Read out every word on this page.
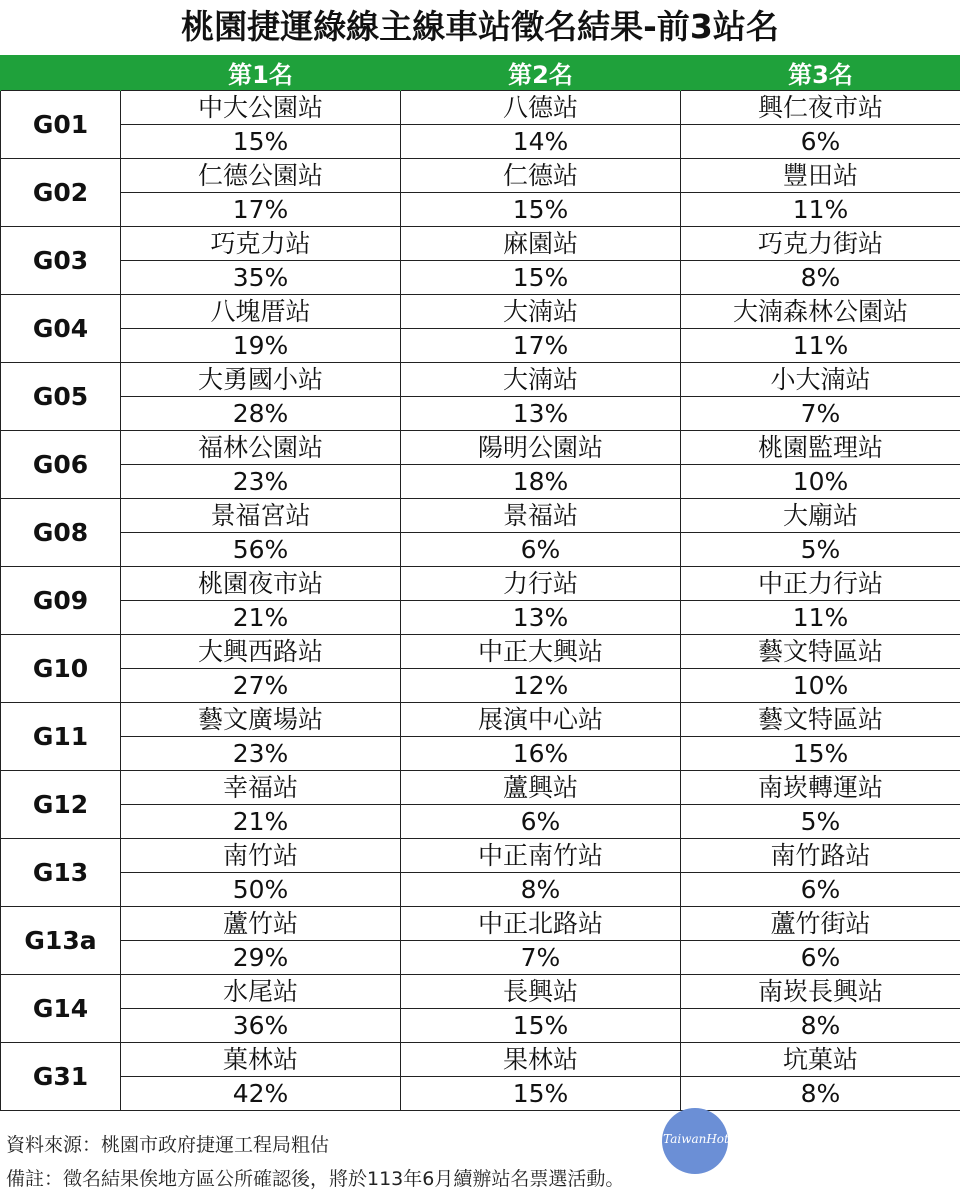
桃園捷運綠線主線車站徵名結果-前3站名
	第1名	第2名	第3名
G01	中大公園站	八德站	興仁夜市站
	15%	14%	6%
G02	仁德公園站	仁德站	豐田站
	17%	15%	11%
G03	巧克力站	麻園站	巧克力街站
	35%	15%	8%
G04	八塊厝站	大湳站	大湳森林公園站
	19%	17%	11%
G05	大勇國小站	大湳站	小大湳站
	28%	13%	7%
G06	福林公園站	陽明公園站	桃園監理站
	23%	18%	10%
G08	景福宮站	景福站	大廟站
	56%	6%	5%
G09	桃園夜市站	力行站	中正力行站
	21%	13%	11%
G10	大興西路站	中正大興站	藝文特區站
	27%	12%	10%
G11	藝文廣場站	展演中心站	藝文特區站
	23%	16%	15%
G12	幸福站	蘆興站	南崁轉運站
	21%	6%	5%
G13	南竹站	中正南竹站	南竹路站
	50%	8%	6%
G13a	蘆竹站	中正北路站	蘆竹街站
	29%	7%	6%
G14	水尾站	長興站	南崁長興站
	36%	15%	8%
G31	菓林站	果林站	坑菓站
	42%	15%	8%
資料來源：桃園市政府捷運工程局粗估
備註：徵名結果俟地方區公所確認後，將於113年6月續辦站名票選活動。
TaiwanHot
